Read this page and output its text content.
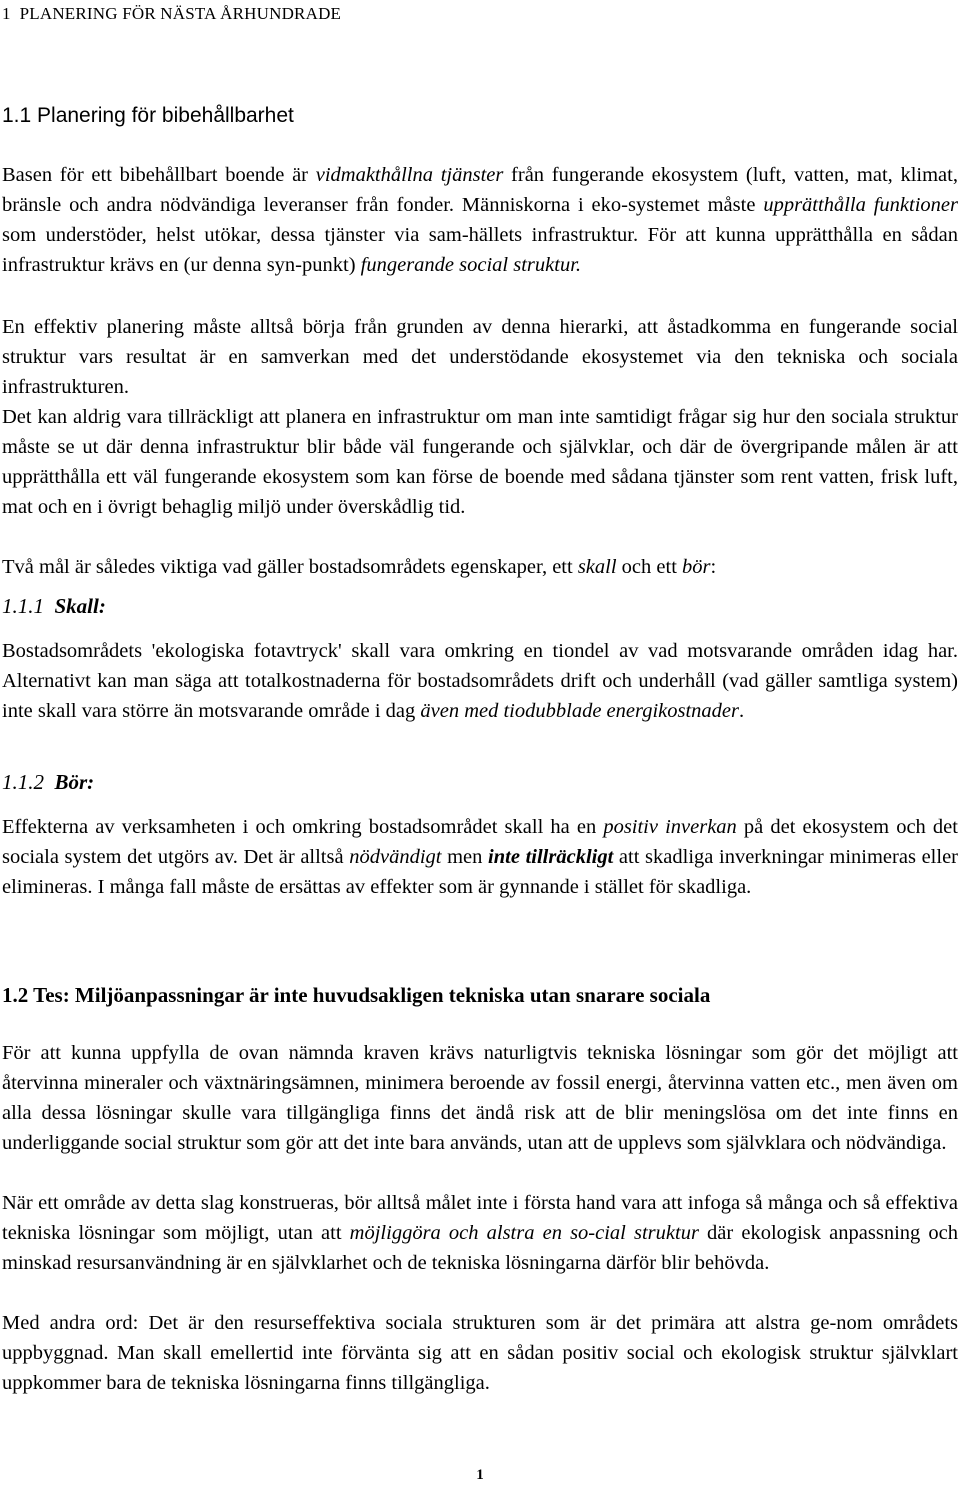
1 PLANERING FÖR NÄSTA ÅRHUNDRADE
1.1 Planering för bibehållbarhet

Basen för ett bibehållbart boende är vidmakthållna tjänster från fungerande ekosystem (luft, vatten, mat, klimat, bränsle och andra nödvändiga leveranser från fonder. Människorna i eko-systemet måste upprätthålla funktioner som understöder, helst utökar, dessa tjänster via sam-hällets infrastruktur. För att kunna upprätthålla en sådan infrastruktur krävs en (ur denna syn-punkt) fungerande social struktur.

En effektiv planering måste alltså börja från grunden av denna hierarki, att åstadkomma en fungerande social struktur vars resultat är en samverkan med det understödande ekosystemet via den tekniska och sociala infrastrukturen.

Det kan aldrig vara tillräckligt att planera en infrastruktur om man inte samtidigt frågar sig hur den sociala struktur måste se ut där denna infrastruktur blir både väl fungerande och självklar, och där de övergripande målen är att upprätthålla ett väl fungerande ekosystem som kan förse de boende med sådana tjänster som rent vatten, frisk luft, mat och en i övrigt behaglig miljö under överskådlig tid.

Två mål är således viktiga vad gäller bostadsområdets egenskaper, ett skall och ett bör:

1.1.1 Skall:

Bostadsområdets 'ekologiska fotavtryck' skall vara omkring en tiondel av vad motsvarande områden idag har. Alternativt kan man säga att totalkostnaderna för bostadsområdets drift och underhåll (vad gäller samtliga system) inte skall vara större än motsvarande område i dag även med tiodubblade energikostnader.

1.1.2 Bör:

Effekterna av verksamheten i och omkring bostadsområdet skall ha en positiv inverkan på det ekosystem och det sociala system det utgörs av. Det är alltså nödvändigt men inte tillräckligt att skadliga inverkningar minimeras eller elimineras. I många fall måste de ersättas av effekter som är gynnande i stället för skadliga.

1.2 Tes: Miljöanpassningar är inte huvudsakligen tekniska utan snarare sociala

För att kunna uppfylla de ovan nämnda kraven krävs naturligtvis tekniska lösningar som gör det möjligt att återvinna mineraler och växtnäringsämnen, minimera beroende av fossil energi, återvinna vatten etc., men även om alla dessa lösningar skulle vara tillgängliga finns det ändå risk att de blir meningslösa om det inte finns en underliggande social struktur som gör att det inte bara används, utan att de upplevs som självklara och nödvändiga.

När ett område av detta slag konstrueras, bör alltså målet inte i första hand vara att infoga så många och så effektiva tekniska lösningar som möjligt, utan att möjliggöra och alstra en so-cial struktur där ekologisk anpassning och minskad resursanvändning är en självklarhet och de tekniska lösningarna därför blir behövda.

Med andra ord: Det är den resurseffektiva sociala strukturen som är det primära att alstra ge-nom områdets uppbyggnad. Man skall emellertid inte förvänta sig att en sådan positiv social och ekologisk struktur självklart uppkommer bara de tekniska lösningarna finns tillgängliga.

1
